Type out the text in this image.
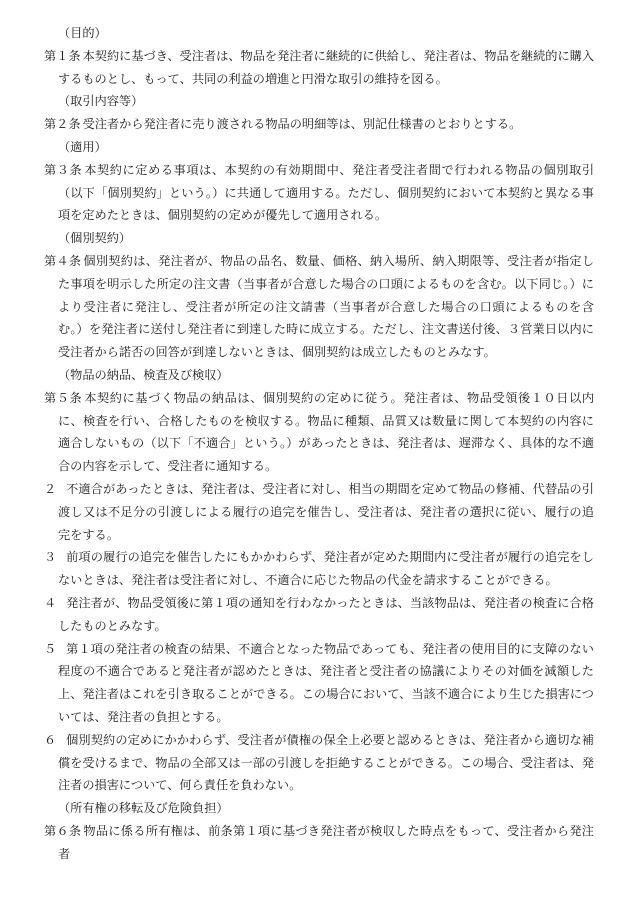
（目的）

第１条 本契約に基づき、受注者は、物品を発注者に継続的に供給し、発注者は、物品を継続的に購入するものとし、もって、共同の利益の増進と円滑な取引の維持を図る。

（取引内容等）

第２条 受注者から発注者に売り渡される物品の明細等は、別記仕様書のとおりとする。

（適用）

第３条 本契約に定める事項は、本契約の有効期間中、発注者受注者間で行われる物品の個別取引（以下「個別契約」という。）に共通して適用する。ただし、個別契約において本契約と異なる事項を定めたときは、個別契約の定めが優先して適用される。

（個別契約）

第４条 個別契約は、発注者が、物品の品名、数量、価格、納入場所、納入期限等、受注者が指定した事項を明示した所定の注文書（当事者が合意した場合の口頭によるものを含む。以下同じ。）により受注者に発注し、受注者が所定の注文請書（当事者が合意した場合の口頭によるものを含む。）を発注者に送付し発注者に到達した時に成立する。ただし、注文書送付後、３営業日以内に受注者から諾否の回答が到達しないときは、個別契約は成立したものとみなす。

（物品の納品、検査及び検収）

第５条 本契約に基づく物品の納品は、個別契約の定めに従う。発注者は、物品受領後１０日以内に、検査を行い、合格したものを検収する。物品に種類、品質又は数量に関して本契約の内容に適合しないもの（以下「不適合」という。）があったときは、発注者は、遅滞なく、具体的な不適合の内容を示して、受注者に通知する。

２ 不適合があったときは、発注者は、受注者に対し、相当の期間を定めて物品の修補、代替品の引渡し又は不足分の引渡しによる履行の追完を催告し、受注者は、発注者の選択に従い、履行の追完をする。

３ 前項の履行の追完を催告したにもかかわらず、発注者が定めた期間内に受注者が履行の追完をしないときは、発注者は受注者に対し、不適合に応じた物品の代金を請求することができる。

４ 発注者が、物品受領後に第１項の通知を行わなかったときは、当該物品は、発注者の検査に合格したものとみなす。

５ 第１項の発注者の検査の結果、不適合となった物品であっても、発注者の使用目的に支障のない程度の不適合であると発注者が認めたときは、発注者と受注者の協議によりその対価を減額した上、発注者はこれを引き取ることができる。この場合において、当該不適合により生じた損害については、発注者の負担とする。

６ 個別契約の定めにかかわらず、受注者が債権の保全上必要と認めるときは、発注者から適切な補償を受けるまで、物品の全部又は一部の引渡しを拒絶することができる。この場合、受注者は、発注者の損害について、何ら責任を負わない。

（所有権の移転及び危険負担）

第６条 物品に係る所有権は、前条第１項に基づき発注者が検収した時点をもって、受注者から発注者
